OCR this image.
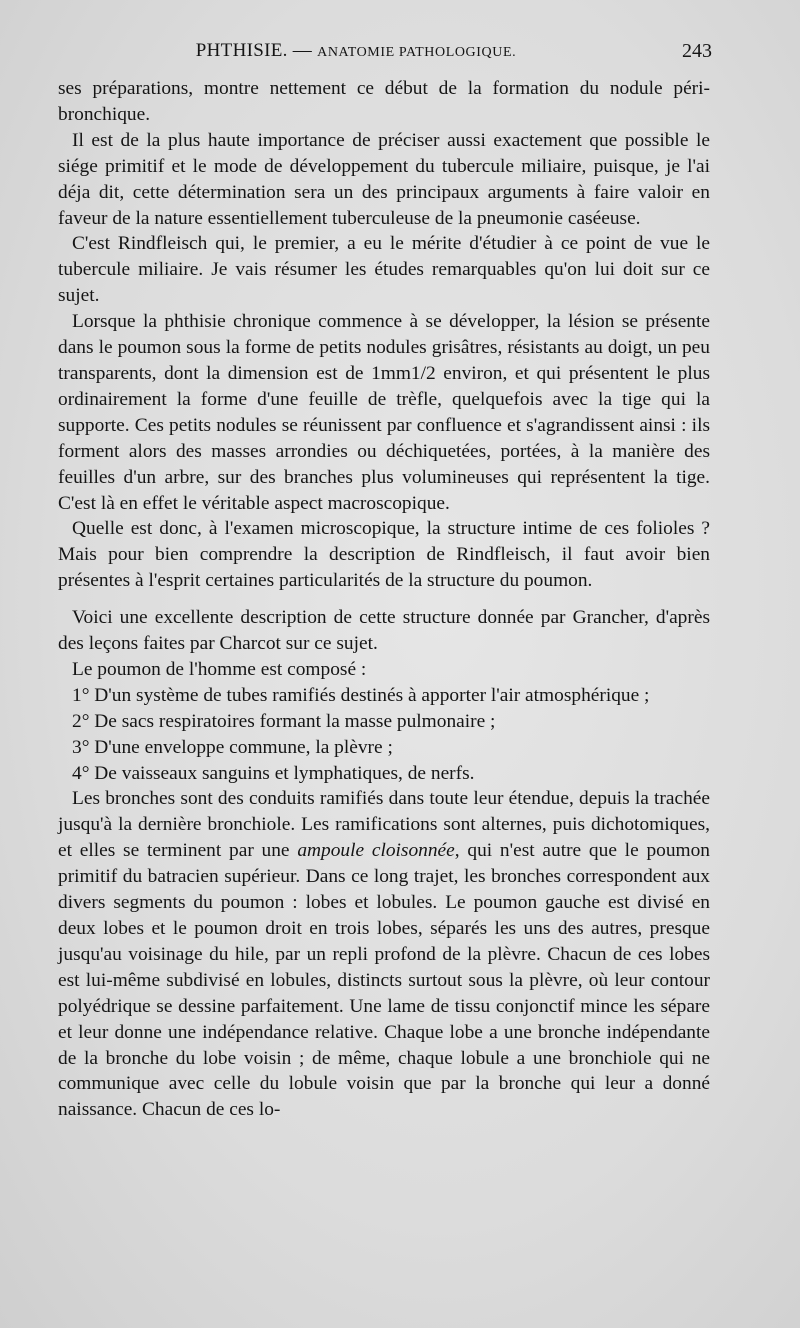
PHTHISIE. — ANATOMIE PATHOLOGIQUE.	243

ses préparations, montre nettement ce début de la formation du nodule péri-bronchique.

Il est de la plus haute importance de préciser aussi exactement que possible le siége primitif et le mode de développement du tubercule miliaire, puisque, je l'ai déja dit, cette détermination sera un des principaux arguments à faire valoir en faveur de la nature essentiellement tuberculeuse de la pneumonie caséeuse.

C'est Rindfleisch qui, le premier, a eu le mérite d'étudier à ce point de vue le tubercule miliaire. Je vais résumer les études remarquables qu'on lui doit sur ce sujet.

Lorsque la phthisie chronique commence à se développer, la lésion se présente dans le poumon sous la forme de petits nodules grisâtres, résistants au doigt, un peu transparents, dont la dimension est de 1mm1/2 environ, et qui présentent le plus ordinairement la forme d'une feuille de trèfle, quelquefois avec la tige qui la supporte. Ces petits nodules se réunissent par confluence et s'agrandissent ainsi : ils forment alors des masses arrondies ou déchiquetées, portées, à la manière des feuilles d'un arbre, sur des branches plus volumineuses qui représentent la tige. C'est là en effet le véritable aspect macroscopique.

Quelle est donc, à l'examen microscopique, la structure intime de ces folioles ? Mais pour bien comprendre la description de Rindfleisch, il faut avoir bien présentes à l'esprit certaines particularités de la structure du poumon.

Voici une excellente description de cette structure donnée par Grancher, d'après des leçons faites par Charcot sur ce sujet.

Le poumon de l'homme est composé :

1° D'un système de tubes ramifiés destinés à apporter l'air atmosphérique ;

2° De sacs respiratoires formant la masse pulmonaire ;

3° D'une enveloppe commune, la plèvre ;

4° De vaisseaux sanguins et lymphatiques, de nerfs.

Les bronches sont des conduits ramifiés dans toute leur étendue, depuis la trachée jusqu'à la dernière bronchiole. Les ramifications sont alternes, puis dichotomiques, et elles se terminent par une ampoule cloisonnée, qui n'est autre que le poumon primitif du batracien supérieur. Dans ce long trajet, les bronches correspondent aux divers segments du poumon : lobes et lobules. Le poumon gauche est divisé en deux lobes et le poumon droit en trois lobes, séparés les uns des autres, presque jusqu'au voisinage du hile, par un repli profond de la plèvre. Chacun de ces lobes est lui-même subdivisé en lobules, distincts surtout sous la plèvre, où leur contour polyédrique se dessine parfaitement. Une lame de tissu conjonctif mince les sépare et leur donne une indépendance relative. Chaque lobe a une bronche indépendante de la bronche du lobe voisin ; de même, chaque lobule a une bronchiole qui ne communique avec celle du lobule voisin que par la bronche qui leur a donné naissance. Chacun de ces lo-
